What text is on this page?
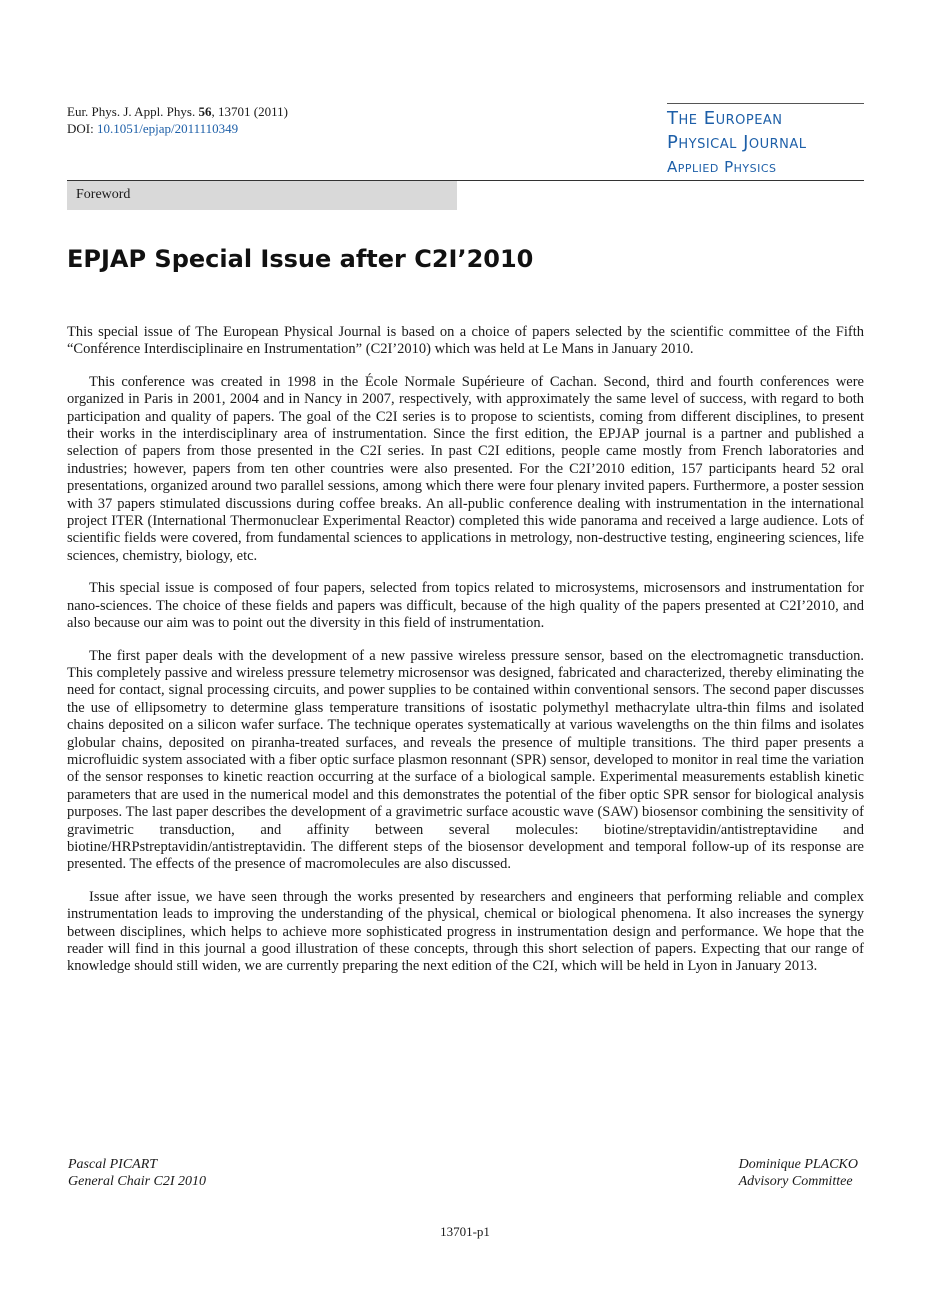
Eur. Phys. J. Appl. Phys. 56, 13701 (2011)
DOI: 10.1051/epjap/2011110349	The European
Physical Journal
Applied Physics
Foreword
EPJAP Special Issue after C2I’2010

This special issue of The European Physical Journal is based on a choice of papers selected by the scientific committee of the Fifth “Conférence Interdisciplinaire en Instrumentation” (C2I’2010) which was held at Le Mans in January 2010.

This conference was created in 1998 in the École Normale Supérieure of Cachan. Second, third and fourth conferences were organized in Paris in 2001, 2004 and in Nancy in 2007, respectively, with approximately the same level of success, with regard to both participation and quality of papers. The goal of the C2I series is to propose to scientists, coming from different disciplines, to present their works in the interdisciplinary area of instrumentation. Since the first edition, the EPJAP journal is a partner and published a selection of papers from those presented in the C2I series. In past C2I editions, people came mostly from French laboratories and industries; however, papers from ten other countries were also presented. For the C2I’2010 edition, 157 participants heard 52 oral presentations, organized around two parallel sessions, among which there were four plenary invited papers. Furthermore, a poster session with 37 papers stimulated discussions during coffee breaks. An all-public conference dealing with instrumentation in the international project ITER (International Thermonuclear Experimental Reactor) completed this wide panorama and received a large audience. Lots of scientific fields were covered, from fundamental sciences to applications in metrology, non-destructive testing, engineering sciences, life sciences, chemistry, biology, etc.

This special issue is composed of four papers, selected from topics related to microsystems, microsensors and instrumentation for nano-sciences. The choice of these fields and papers was difficult, because of the high quality of the papers presented at C2I’2010, and also because our aim was to point out the diversity in this field of instrumentation.

The first paper deals with the development of a new passive wireless pressure sensor, based on the electromagnetic transduction. This completely passive and wireless pressure telemetry microsensor was designed, fabricated and characterized, thereby eliminating the need for contact, signal processing circuits, and power supplies to be contained within conventional sensors. The second paper discusses the use of ellipsometry to determine glass temperature transitions of isostatic polymethyl methacrylate ultra-thin films and isolated chains deposited on a silicon wafer surface. The technique operates systematically at various wavelengths on the thin films and isolates globular chains, deposited on piranha-treated surfaces, and reveals the presence of multiple transitions. The third paper presents a microfluidic system associated with a fiber optic surface plasmon resonnant (SPR) sensor, developed to monitor in real time the variation of the sensor responses to kinetic reaction occurring at the surface of a biological sample. Experimental measurements establish kinetic parameters that are used in the numerical model and this demonstrates the potential of the fiber optic SPR sensor for biological analysis purposes. The last paper describes the development of a gravimetric surface acoustic wave (SAW) biosensor combining the sensitivity of gravimetric transduction, and affinity between several molecules: biotine/streptavidin/antistreptavidine and biotine/HRPstreptavidin/antistreptavidin. The different steps of the biosensor development and temporal follow-up of its response are presented. The effects of the presence of macromolecules are also discussed.

Issue after issue, we have seen through the works presented by researchers and engineers that performing reliable and complex instrumentation leads to improving the understanding of the physical, chemical or biological phenomena. It also increases the synergy between disciplines, which helps to achieve more sophisticated progress in instrumentation design and performance. We hope that the reader will find in this journal a good illustration of these concepts, through this short selection of papers. Expecting that our range of knowledge should still widen, we are currently preparing the next edition of the C2I, which will be held in Lyon in January 2013.

Pascal PICART
General Chair C2I 2010
Dominique PLACKO
Advisory Committee
13701-p1
